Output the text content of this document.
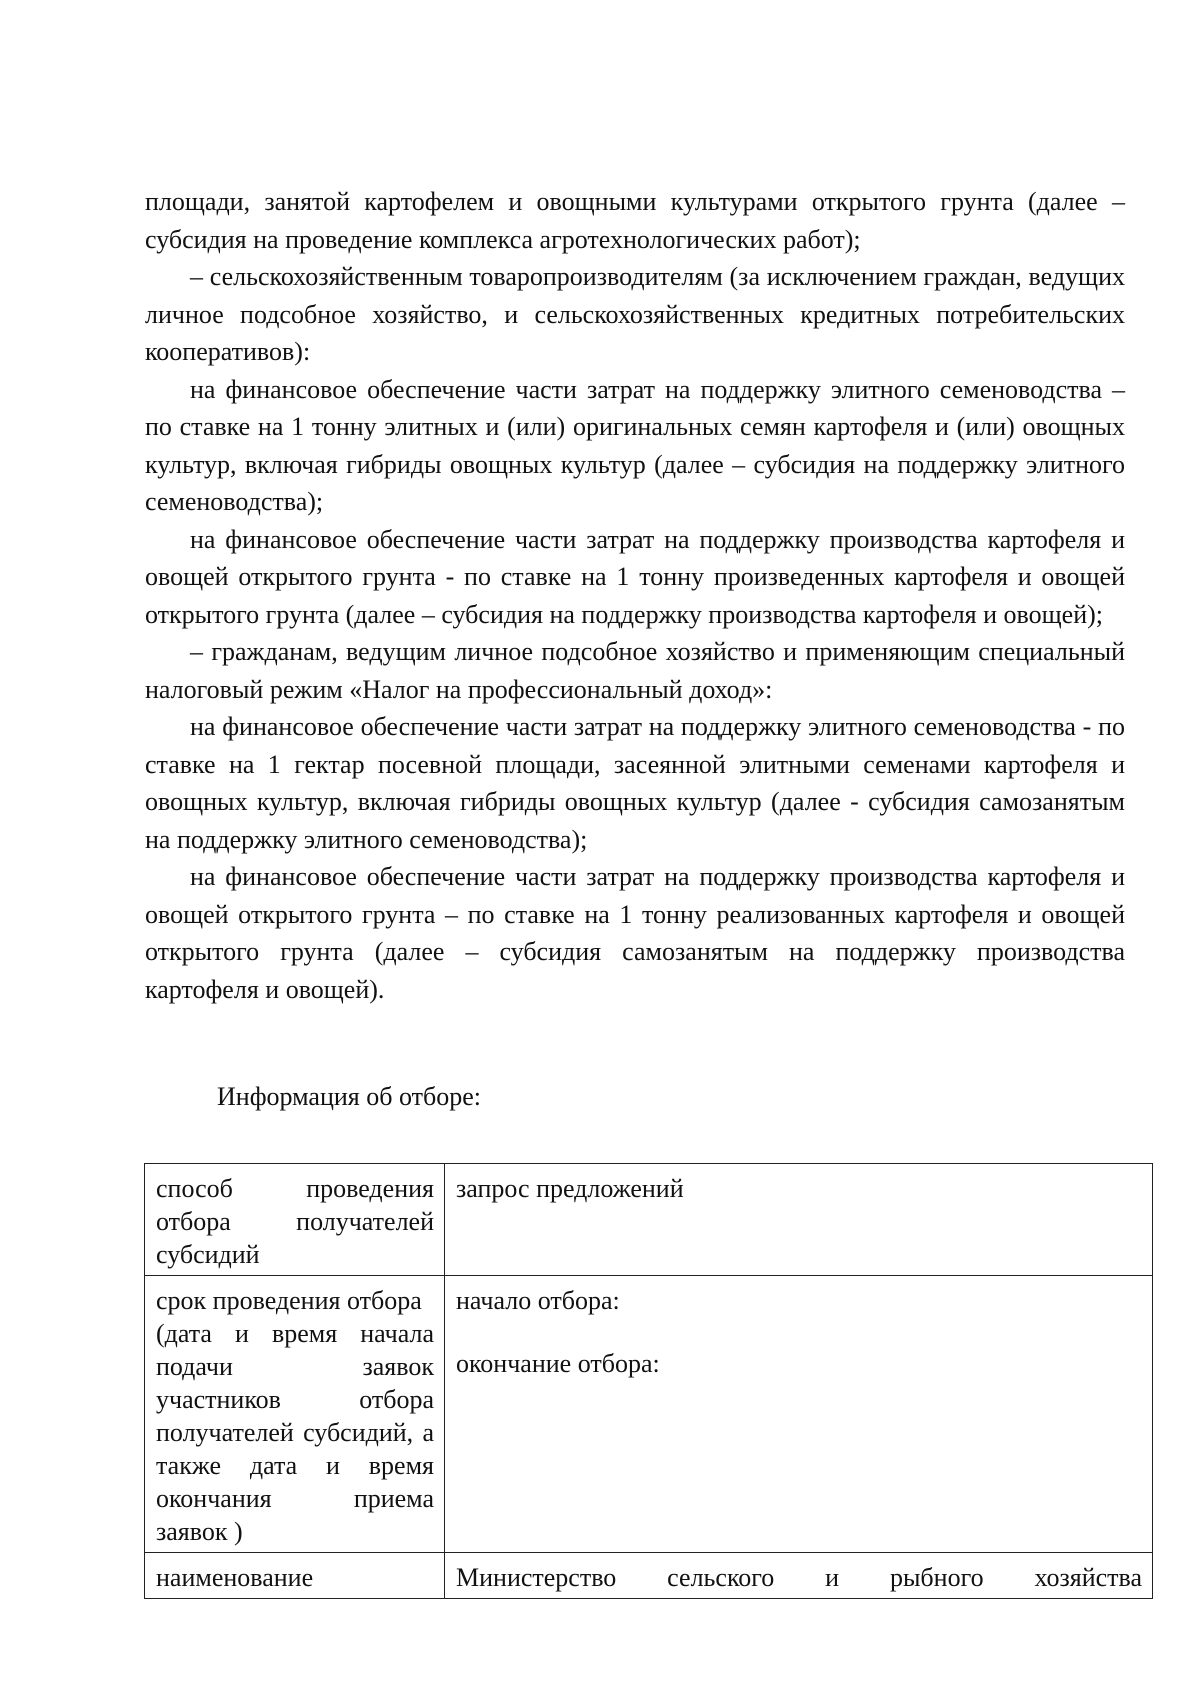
площади, занятой картофелем и овощными культурами открытого грунта (далее – субсидия на проведение комплекса агротехнологических работ);

– сельскохозяйственным товаропроизводителям (за исключением граждан, ведущих личное подсобное хозяйство, и сельскохозяйственных кредитных потребительских кооперативов):

на финансовое обеспечение части затрат на поддержку элитного семеноводства – по ставке на 1 тонну элитных и (или) оригинальных семян картофеля и (или) овощных культур, включая гибриды овощных культур (далее – субсидия на поддержку элитного семеноводства);

на финансовое обеспечение части затрат на поддержку производства картофеля и овощей открытого грунта - по ставке на 1 тонну произведенных картофеля и овощей открытого грунта (далее – субсидия на поддержку производства картофеля и овощей);

– гражданам, ведущим личное подсобное хозяйство и применяющим специальный налоговый режим «Налог на профессиональный доход»:

на финансовое обеспечение части затрат на поддержку элитного семеноводства - по ставке на 1 гектар посевной площади, засеянной элитными семенами картофеля и овощных культур, включая гибриды овощных культур (далее - субсидия самозанятым на поддержку элитного семеноводства);

на финансовое обеспечение части затрат на поддержку производства картофеля и овощей открытого грунта – по ставке на 1 тонну реализованных картофеля и овощей открытого грунта (далее – субсидия самозанятым на поддержку производства картофеля и овощей).

Информация об отборе:

способ проведения отбора получателей субсидий	запрос предложений

срок проведения отбора
(дата и время начала подачи заявок участников отбора получателей субсидий, а также дата и время окончания приема заявок )	начало отбора:
окончание отбора:

наименование	Министерство сельского и рыбного хозяйства
